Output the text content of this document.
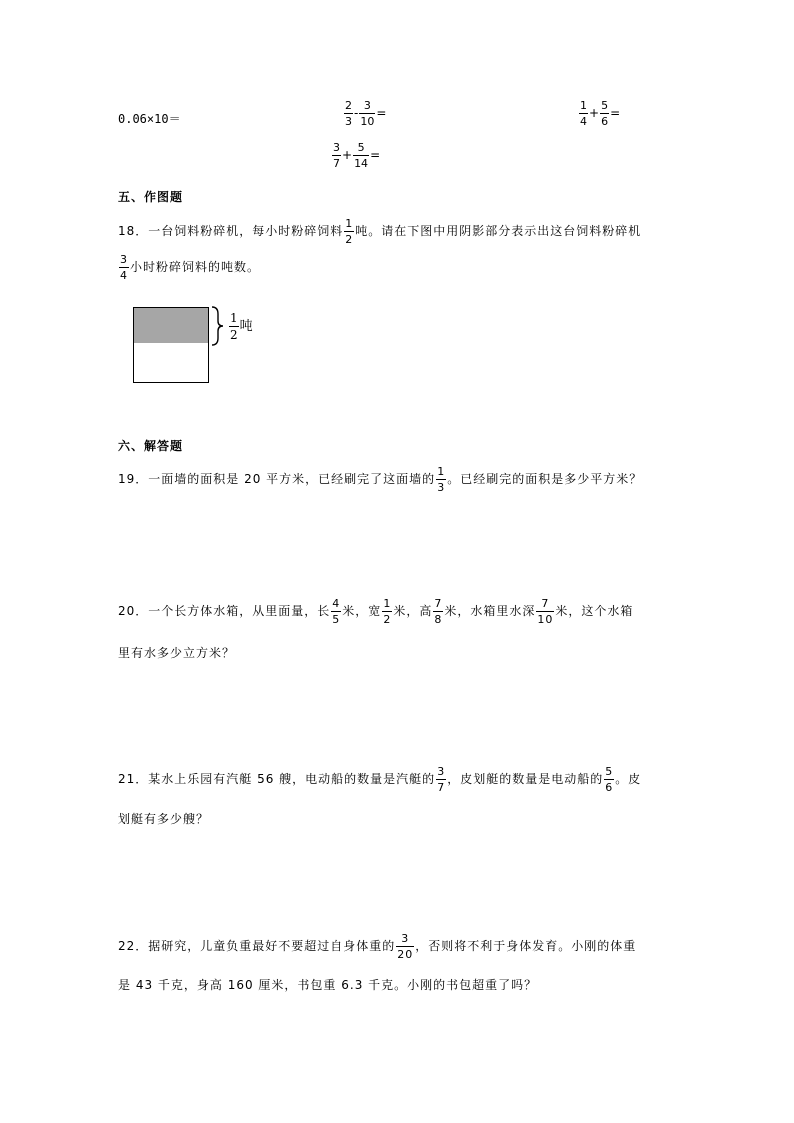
0.06×10＝	$\frac{2}{3} - \frac{3}{10}$ =	$\frac{1}{4} + \frac{5}{6}$ =
$\frac{3}{7} + \frac{5}{14}$ =
五、作图题
18．一台饲料粉碎机，每小时粉碎饲料 $\frac{1}{2}$ 吨。请在下图中用阴影部分表示出这台饲料粉碎机
$\frac{3}{4}$ 小时粉碎饲料的吨数。
$\frac{1}{2}$ 吨
六、解答题
19．一面墙的面积是 20 平方米，已经刷完了这面墙的 $\frac{1}{3}$ 。已经刷完的面积是多少平方米？
20．一个长方体水箱，从里面量，长 $\frac{4}{5}$ 米，宽 $\frac{1}{2}$ 米，高 $\frac{7}{8}$ 米，水箱里水深 $\frac{7}{10}$ 米，这个水箱
里有水多少立方米？
21．某水上乐园有汽艇 56 艘，电动船的数量是汽艇的 $\frac{3}{7}$ ，皮划艇的数量是电动船的 $\frac{5}{6}$ 。皮
划艇有多少艘？
22．据研究，儿童负重最好不要超过自身体重的 $\frac{3}{20}$ ，否则将不利于身体发育。小刚的体重
是 43 千克，身高 160 厘米，书包重 6.3 千克。小刚的书包超重了吗？
